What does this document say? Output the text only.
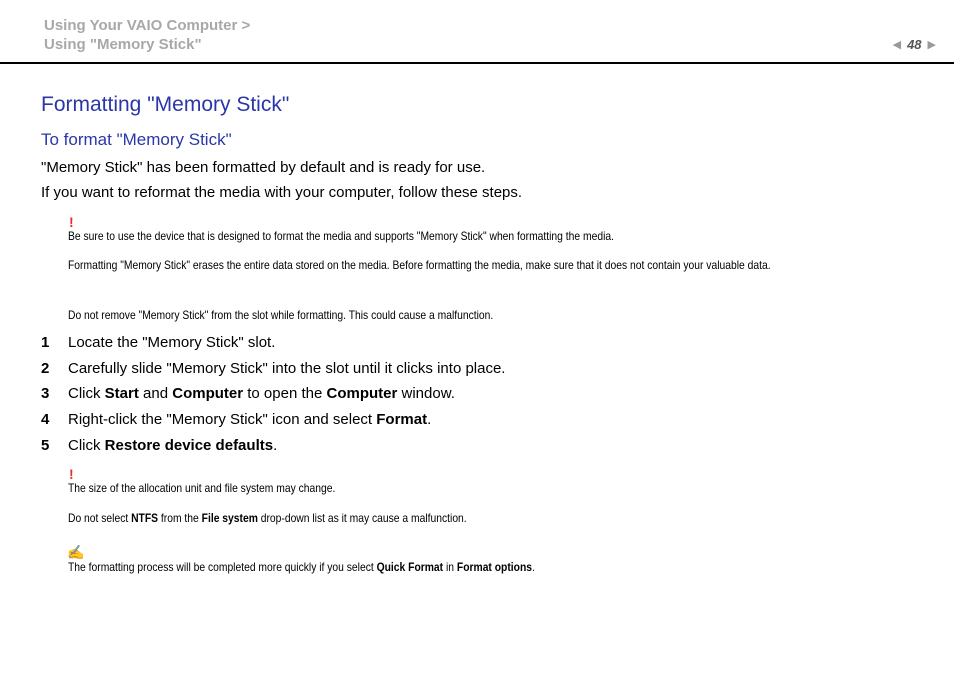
Using Your VAIO Computer >
Using "Memory Stick"	◀ 48 ▶
Formatting "Memory Stick"
To format "Memory Stick"
"Memory Stick" has been formatted by default and is ready for use.
If you want to reformat the media with your computer, follow these steps.
!
Be sure to use the device that is designed to format the media and supports "Memory Stick" when formatting the media.
Formatting "Memory Stick" erases the entire data stored on the media. Before formatting the media, make sure that it does not contain your valuable data.
Do not remove "Memory Stick" from the slot while formatting. This could cause a malfunction.
1 Locate the "Memory Stick" slot.
2 Carefully slide "Memory Stick" into the slot until it clicks into place.
3 Click Start and Computer to open the Computer window.
4 Right-click the "Memory Stick" icon and select Format.
5 Click Restore device defaults.
!
The size of the allocation unit and file system may change.
Do not select NTFS from the File system drop-down list as it may cause a malfunction.
✍
The formatting process will be completed more quickly if you select Quick Format in Format options.
